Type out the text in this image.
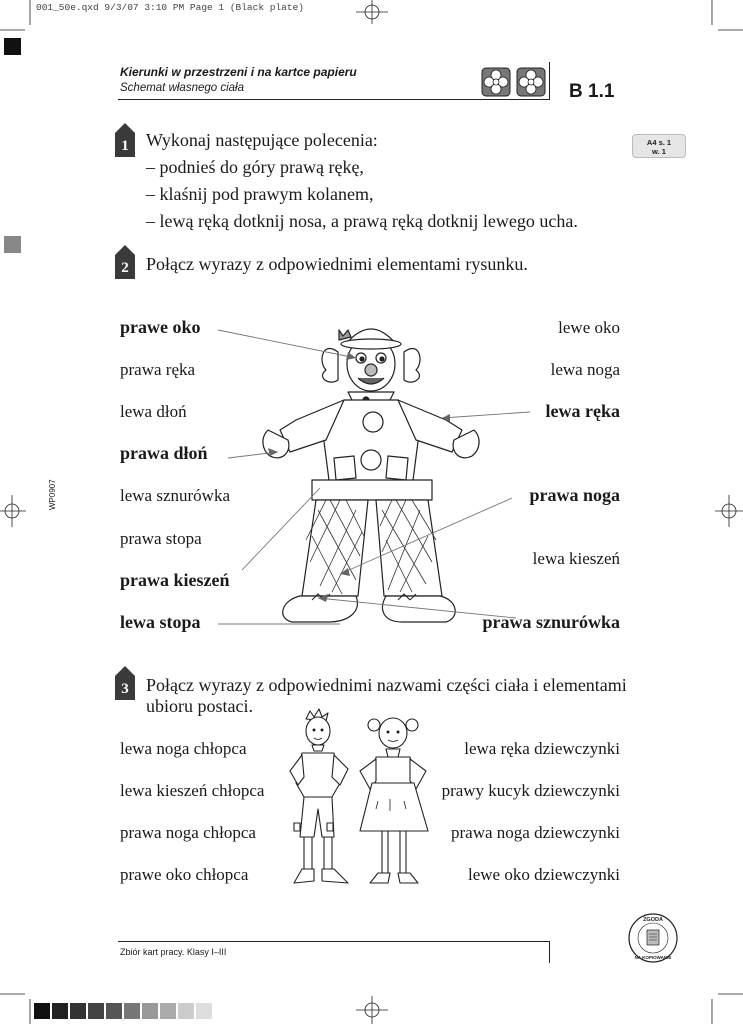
001_50e.qxd 9/3/07 3:10 PM Page 1 (Black plate)
Kierunki w przestrzeni i na kartce papieru
Schemat własnego ciała	B 1.1
A4 s. 1
w. 1
WP0907
1 Wykonaj następujące polecenia:
– podnieś do góry prawą rękę,
– klaśnij pod prawym kolanem,
– lewą ręką dotknij nosa, a prawą ręką dotknij lewego ucha.
2 Połącz wyrazy z odpowiednimi elementami rysunku.
prawe oko
prawa ręka
lewa dłoń
prawa dłoń
lewa sznurówka
prawa stopa
prawa kieszeń
lewa stopa
lewe oko
lewa noga
lewa ręka
prawa noga
lewa kieszeń
prawa sznurówka
3 Połącz wyrazy z odpowiednimi nazwami części ciała i elementami
ubioru postaci.
lewa noga chłopca
lewa kieszeń chłopca
prawa noga chłopca
prawe oko chłopca
lewa ręka dziewczynki
prawy kucyk dziewczynki
prawa noga dziewczynki
lewe oko dziewczynki
Zbiór kart pracy. Klasy I–III
ZGODA
NA KOPIOWANIE
